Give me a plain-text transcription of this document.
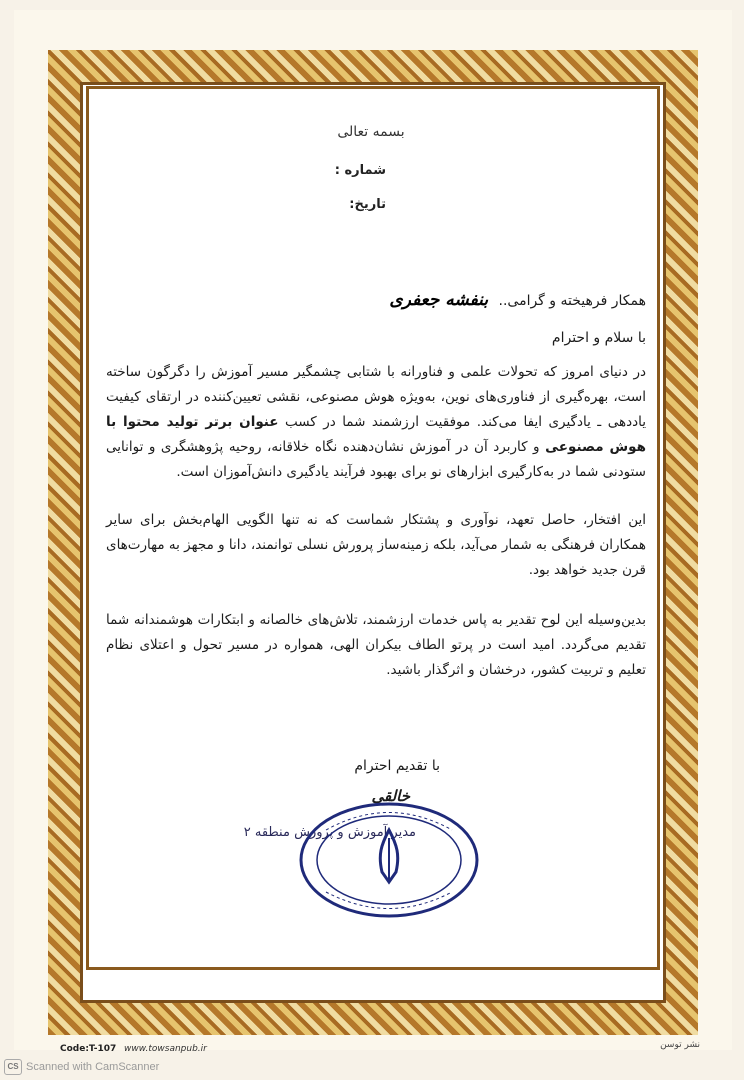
بسمه تعالی
شماره :
تاریخ:
همکار فرهیخته و گرامی.. بنفشه جعفری
با سلام و احترام
در دنیای امروز که تحولات علمی و فناورانه با شتابی چشمگیر مسیر آموزش را دگرگون ساخته است، بهره‌گیری از فناوری‌های نوین، به‌ویژه هوش مصنوعی، نقشی تعیین‌کننده در ارتقای کیفیت یاددهی ـ یادگیری ایفا می‌کند. موفقیت ارزشمند شما در کسب عنوان برتر تولید محتوا با هوش مصنوعی و کاربرد آن در آموزش نشان‌دهنده نگاه خلاقانه، روحیه پژوهشگری و توانایی ستودنی شما در به‌کارگیری ابزارهای نو برای بهبود فرآیند یادگیری دانش‌آموزان است.
این افتخار، حاصل تعهد، نوآوری و پشتکار شماست که نه تنها الگویی الهام‌بخش برای سایر همکاران فرهنگی به شمار می‌آید، بلکه زمینه‌ساز پرورش نسلی توانمند، دانا و مجهز به مهارت‌های قرن جدید خواهد بود.
بدین‌وسیله این لوح تقدیر به پاس خدمات ارزشمند، تلاش‌های خالصانه و ابتکارات هوشمندانه شما تقدیم می‌گردد. امید است در پرتو الطاف بیکران الهی، همواره در مسیر تحول و اعتلای نظام تعلیم و تربیت کشور، درخشان و اثرگذار باشید.
با تقدیم احترام
خالقی
مدیر آموزش و پرورش منطقه ۲
Code:T-107 www.towsanpub.ir	نشر توسن
CS Scanned with CamScanner
